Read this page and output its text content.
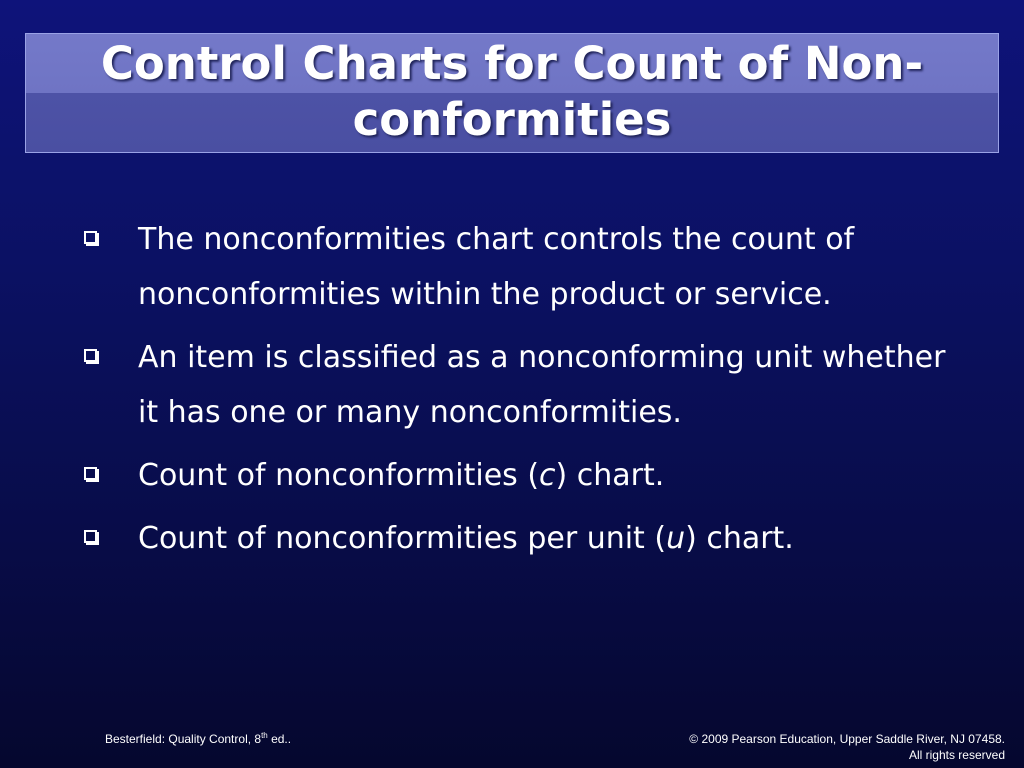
Control Charts for Count of Non-conformities
The nonconformities chart controls the count of nonconformities within the product or service.
An item is classified as a nonconforming unit whether it has one or many nonconformities.
Count of nonconformities (c) chart.
Count of nonconformities per unit (u) chart.
Besterfield: Quality Control, 8th ed..	© 2009 Pearson Education, Upper Saddle River, NJ 07458.
All rights reserved
